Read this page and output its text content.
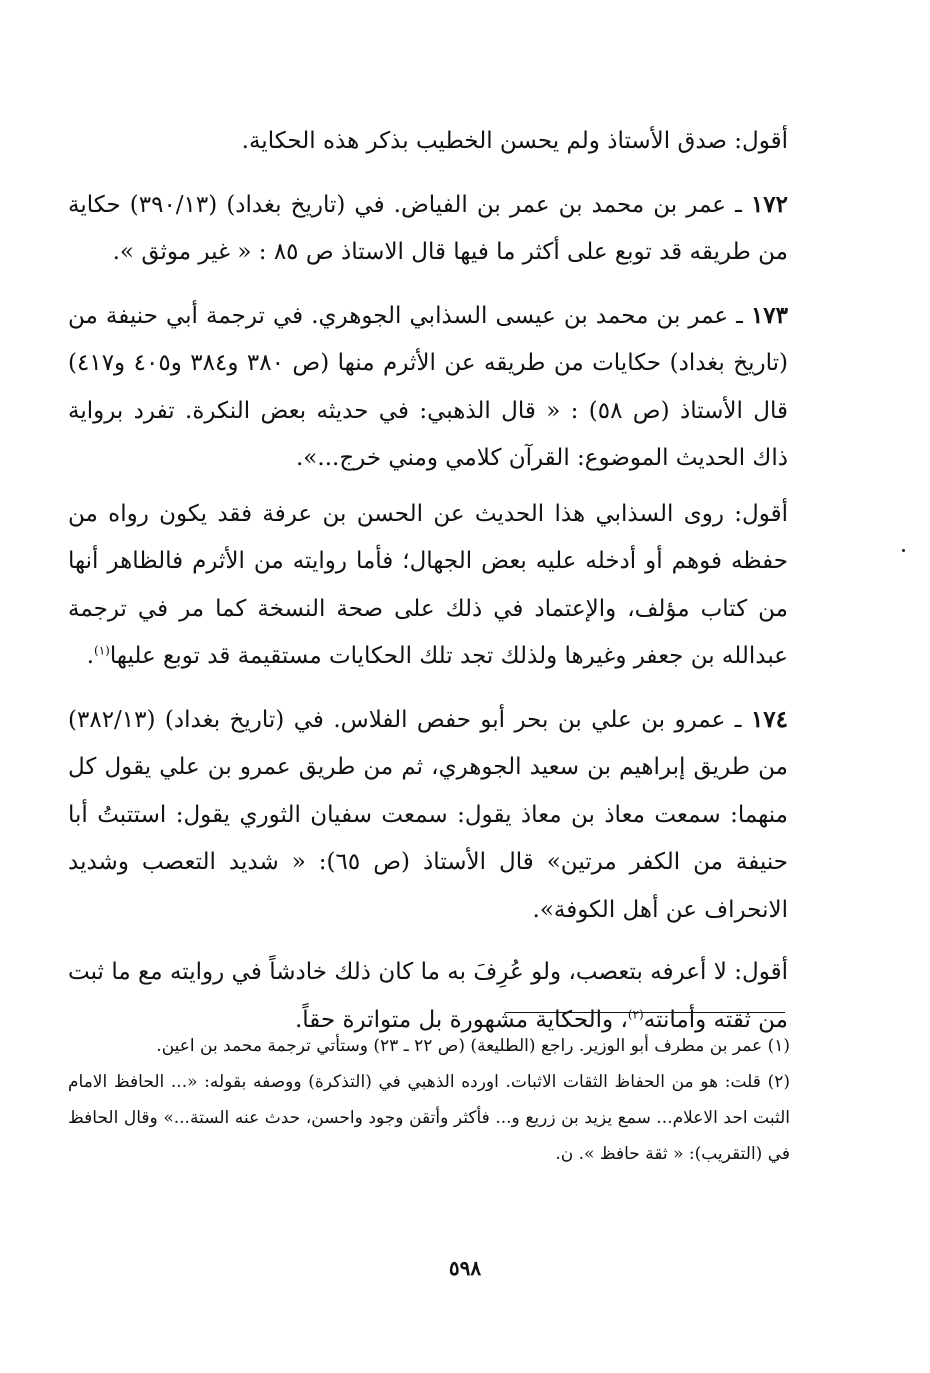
أقول: صدق الأستاذ ولم يحسن الخطيب بذكر هذه الحكاية.

١٧٢ ـ عمر بن محمد بن عمر بن الفياض. في (تاريخ بغداد) (٣٩٠/١٣) حكاية من طريقه قد توبع على أكثر ما فيها قال الاستاذ ص ٨٥ : « غير موثق ».

١٧٣ ـ عمر بن محمد بن عيسى السذابي الجوهري. في ترجمة أبي حنيفة من (تاريخ بغداد) حكايات من طريقه عن الأثرم منها (ص ٣٨٠ و٣٨٤ و٤٠٥ و٤١٧) قال الأستاذ (ص ٥٨) : « قال الذهبي: في حديثه بعض النكرة. تفرد برواية ذاك الحديث الموضوع: القرآن كلامي ومني خرج...».

أقول: روى السذابي هذا الحديث عن الحسن بن عرفة فقد يكون رواه من حفظه فوهم أو أدخله عليه بعض الجهال؛ فأما روايته من الأثرم فالظاهر أنها من كتاب مؤلف، والإعتماد في ذلك على صحة النسخة كما مر في ترجمة عبدالله بن جعفر وغيرها ولذلك تجد تلك الحكايات مستقيمة قد توبع عليها$^{(١)}$.

١٧٤ ـ عمرو بن علي بن بحر أبو حفص الفلاس. في (تاريخ بغداد) (٣٨٢/١٣) من طريق إبراهيم بن سعيد الجوهري، ثم من طريق عمرو بن علي يقول كل منهما: سمعت معاذ بن معاذ يقول: سمعت سفيان الثوري يقول: استتبتُ أبا حنيفة من الكفر مرتين» قال الأستاذ (ص ٦٥): « شديد التعصب وشديد الانحراف عن أهل الكوفة».

أقول: لا أعرفه بتعصب، ولو عُرِفَ به ما كان ذلك خادشاً في روايته مع ما ثبت من ثقته وأمانته$^{(٢)}$، والحكاية مشهورة بل متواترة حقاً.

(١) عمر بن مطرف أبو الوزير. راجع (الطليعة) (ص ٢٢ ـ ٢٣) وستأتي ترجمة محمد بن اعين.

(٢) قلت: هو من الحفاظ الثقات الاثبات. اورده الذهبي في (التذكرة) ووصفه بقوله: «... الحافظ الامام الثبت احد الاعلام... سمع يزيد بن زريع و... فأكثر وأتقن وجود واحسن، حدث عنه الستة...» وقال الحافظ في (التقريب): « ثقة حافظ ». ن.

٥٩٨
